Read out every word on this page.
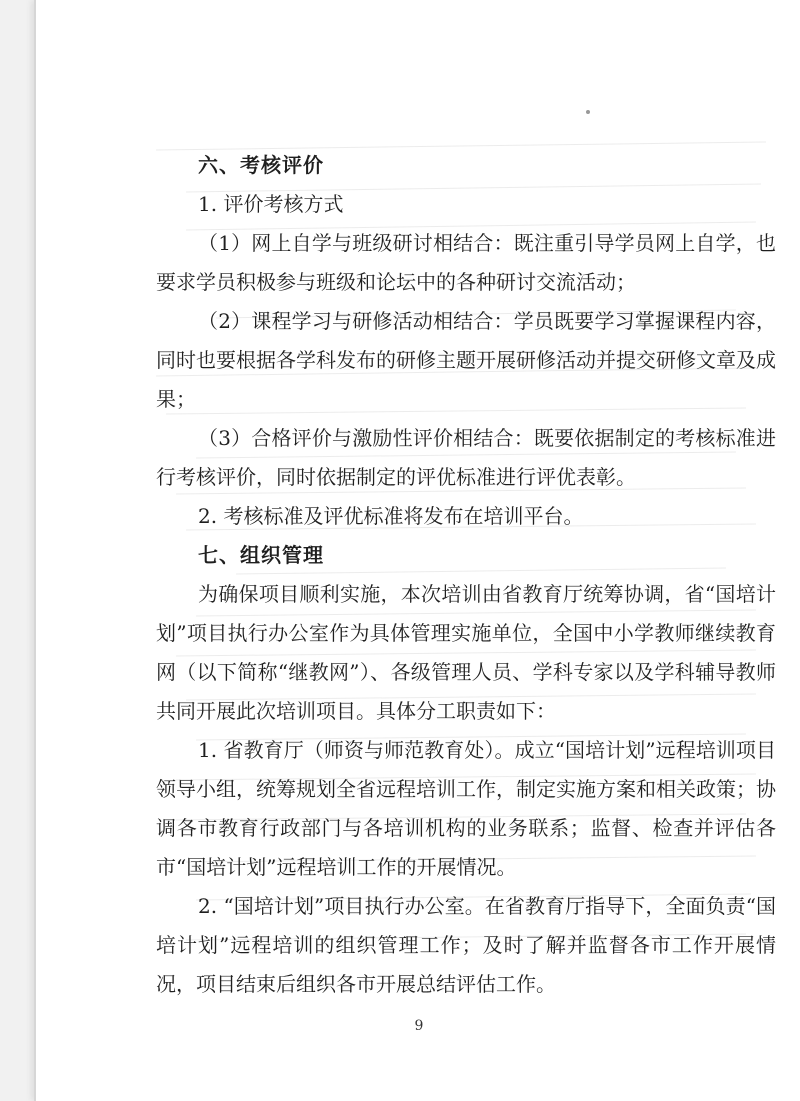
六、考核评价

1. 评价考核方式

（1）网上自学与班级研讨相结合：既注重引导学员网上自学，也要求学员积极参与班级和论坛中的各种研讨交流活动；

（2）课程学习与研修活动相结合：学员既要学习掌握课程内容，同时也要根据各学科发布的研修主题开展研修活动并提交研修文章及成果；

（3）合格评价与激励性评价相结合：既要依据制定的考核标准进行考核评价，同时依据制定的评优标准进行评优表彰。

2. 考核标准及评优标准将发布在培训平台。

七、组织管理

为确保项目顺利实施，本次培训由省教育厅统筹协调，省“国培计划”项目执行办公室作为具体管理实施单位，全国中小学教师继续教育网（以下简称“继教网”）、各级管理人员、学科专家以及学科辅导教师共同开展此次培训项目。具体分工职责如下：

1. 省教育厅（师资与师范教育处）。成立“国培计划”远程培训项目领导小组，统筹规划全省远程培训工作，制定实施方案和相关政策；协调各市教育行政部门与各培训机构的业务联系；监督、检查并评估各市“国培计划”远程培训工作的开展情况。

2. “国培计划”项目执行办公室。在省教育厅指导下，全面负责“国培计划”远程培训的组织管理工作；及时了解并监督各市工作开展情况，项目结束后组织各市开展总结评估工作。

9
